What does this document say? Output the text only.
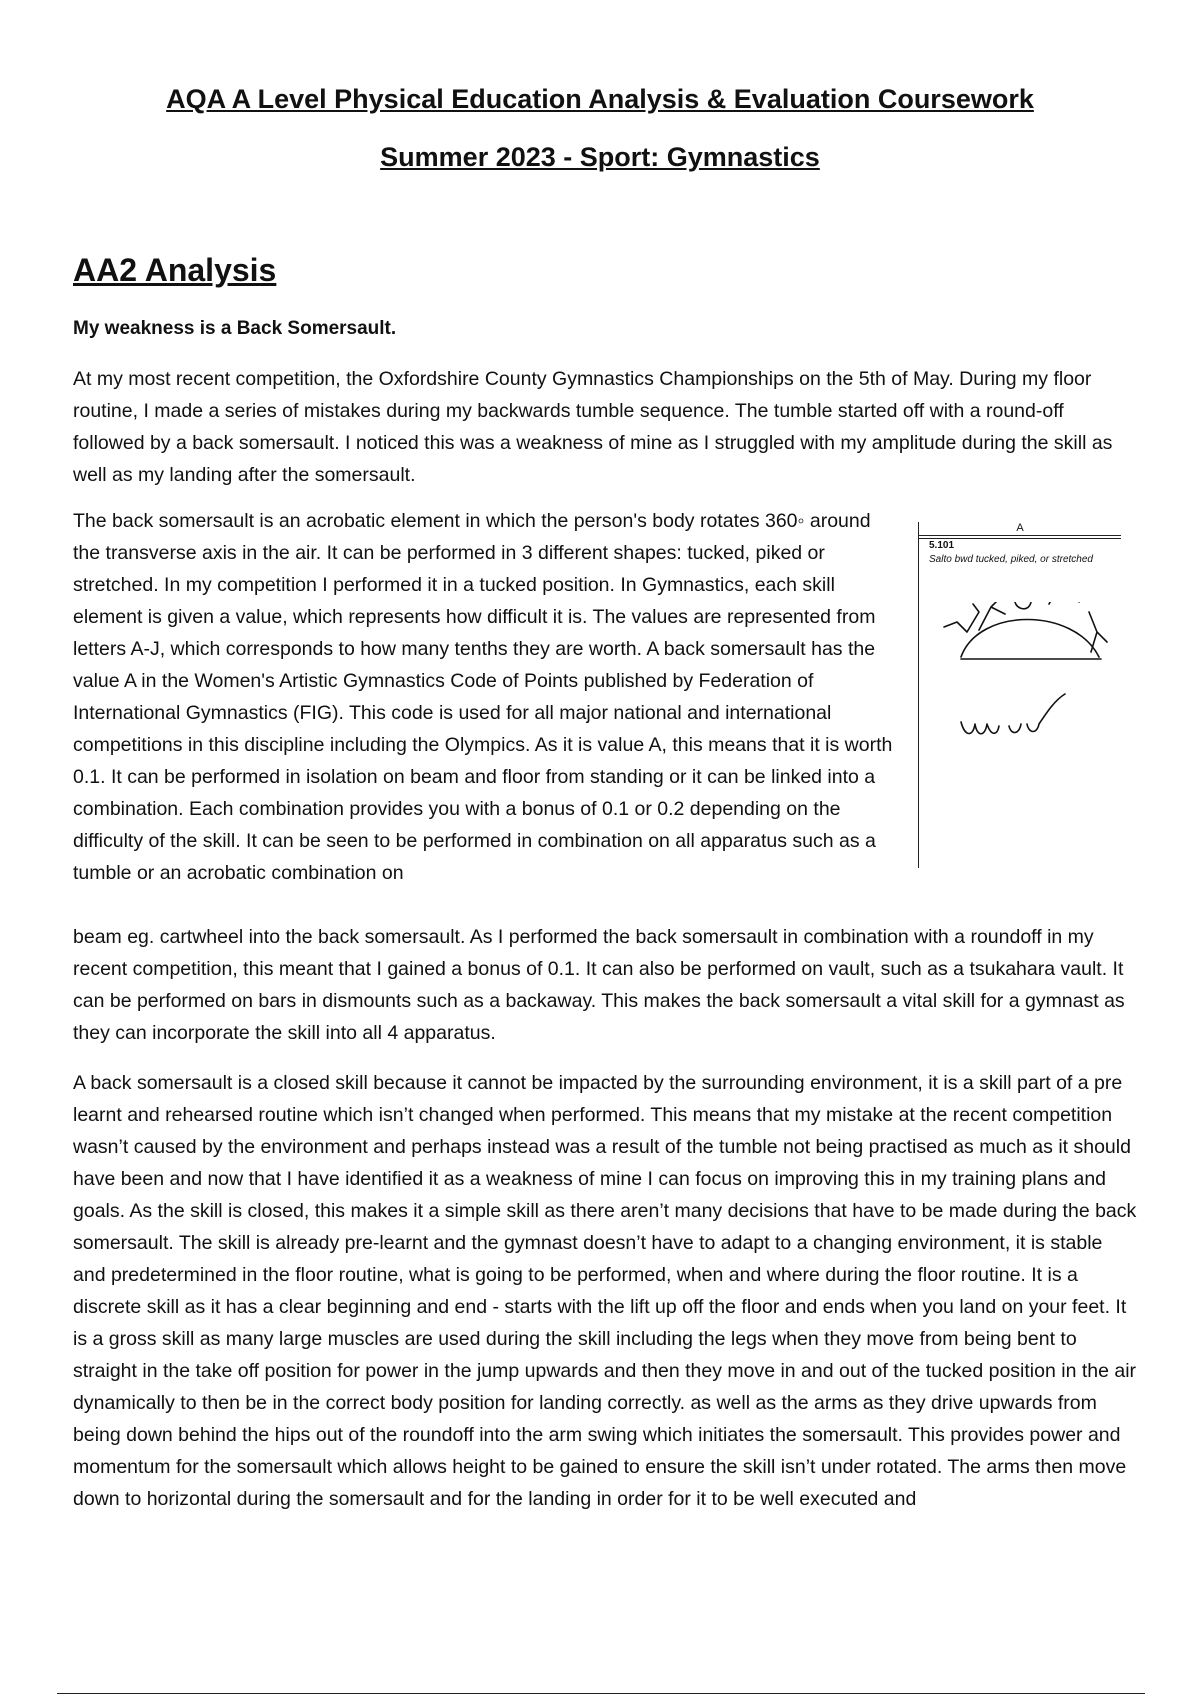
AQA A Level Physical Education Analysis & Evaluation Coursework

Summer 2023 - Sport: Gymnastics

AA2 Analysis

My weakness is a Back Somersault.

At my most recent competition, the Oxfordshire County Gymnastics Championships on the 5th of May. During my floor routine, I made a series of mistakes during my backwards tumble sequence. The tumble started off with a round-off followed by a back somersault. I noticed this was a weakness of mine as I struggled with my amplitude during the skill as well as my landing after the somersault.

The back somersault is an acrobatic element in which the person's body rotates 360◦ around the transverse axis in the air. It can be performed in 3 different shapes: tucked, piked or stretched. In my competition I performed it in a tucked position. In Gymnastics, each skill element is given a value, which represents how difficult it is. The values are represented from letters A-J, which corresponds to how many tenths they are worth. A back somersault has the value A in the Women's Artistic Gymnastics Code of Points published by Federation of International Gymnastics (FIG). This code is used for all major national and international competitions in this discipline including the Olympics. As it is value A, this means that it is worth 0.1. It can be performed in isolation on beam and floor from standing or it can be linked into a combination. Each combination provides you with a bonus of 0.1 or 0.2 depending on the difficulty of the skill. It can be seen to be performed in combination on all apparatus such as a tumble or an acrobatic combination on

A
5.101
Salto bwd tucked, piked, or stretched

beam eg. cartwheel into the back somersault. As I performed the back somersault in combination with a roundoff in my recent competition, this meant that I gained a bonus of 0.1. It can also be performed on vault, such as a tsukahara vault. It can be performed on bars in dismounts such as a backaway. This makes the back somersault a vital skill for a gymnast as they can incorporate the skill into all 4 apparatus.

A back somersault is a closed skill because it cannot be impacted by the surrounding environment, it is a skill part of a pre learnt and rehearsed routine which isn’t changed when performed. This means that my mistake at the recent competition wasn’t caused by the environment and perhaps instead was a result of the tumble not being practised as much as it should have been and now that I have identified it as a weakness of mine I can focus on improving this in my training plans and goals. As the skill is closed, this makes it a simple skill as there aren’t many decisions that have to be made during the back somersault. The skill is already pre-learnt and the gymnast doesn’t have to adapt to a changing environment, it is stable and predetermined in the floor routine, what is going to be performed, when and where during the floor routine. It is a discrete skill as it has a clear beginning and end - starts with the lift up off the floor and ends when you land on your feet. It is a gross skill as many large muscles are used during the skill including the legs when they move from being bent to straight in the take off position for power in the jump upwards and then they move in and out of the tucked position in the air dynamically to then be in the correct body position for landing correctly. as well as the arms as they drive upwards from being down behind the hips out of the roundoff into the arm swing which initiates the somersault. This provides power and momentum for the somersault which allows height to be gained to ensure the skill isn’t under rotated. The arms then move down to horizontal during the somersault and for the landing in order for it to be well executed and
